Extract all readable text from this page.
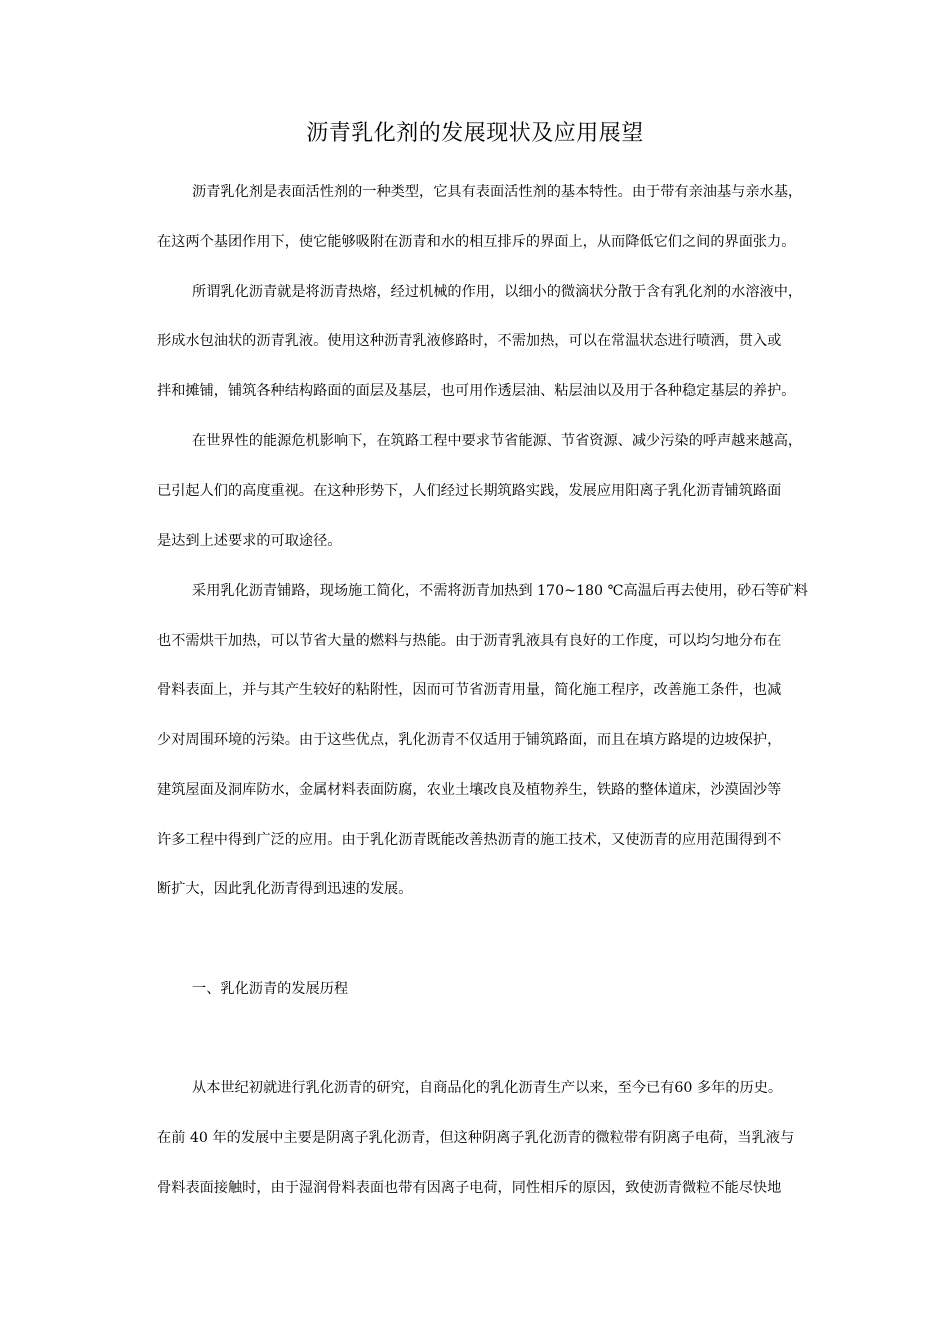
沥青乳化剂的发展现状及应用展望
沥青乳化剂是表面活性剂的一种类型，它具有表面活性剂的基本特性。由于带有亲油基与亲水基，
在这两个基团作用下，使它能够吸附在沥青和水的相互排斥的界面上，从而降低它们之间的界面张力。
所谓乳化沥青就是将沥青热熔，经过机械的作用，以细小的微滴状分散于含有乳化剂的水溶液中，
形成水包油状的沥青乳液。使用这种沥青乳液修路时，不需加热，可以在常温状态进行喷洒，贯入或
拌和摊铺，铺筑各种结构路面的面层及基层，也可用作透层油、粘层油以及用于各种稳定基层的养护。
在世界性的能源危机影响下，在筑路工程中要求节省能源、节省资源、减少污染的呼声越来越高，
已引起人们的高度重视。在这种形势下，人们经过长期筑路实践，发展应用阳离子乳化沥青铺筑路面
是达到上述要求的可取途径。
采用乳化沥青铺路，现场施工简化，不需将沥青加热到 170~180 ℃高温后再去使用，砂石等矿料
也不需烘干加热，可以节省大量的燃料与热能。由于沥青乳液具有良好的工作度，可以均匀地分布在
骨料表面上，并与其产生较好的粘附性，因而可节省沥青用量，简化施工程序，改善施工条件，也减
少对周围环境的污染。由于这些优点，乳化沥青不仅适用于铺筑路面，而且在填方路堤的边坡保护，
建筑屋面及洞库防水，金属材料表面防腐，农业土壤改良及植物养生，铁路的整体道床，沙漠固沙等
许多工程中得到广泛的应用。由于乳化沥青既能改善热沥青的施工技术，又使沥青的应用范围得到不
断扩大，因此乳化沥青得到迅速的发展。
一、乳化沥青的发展历程
从本世纪初就进行乳化沥青的研究，自商品化的乳化沥青生产以来，至今已有60 多年的历史。
在前 40 年的发展中主要是阴离子乳化沥青，但这种阴离子乳化沥青的微粒带有阴离子电荷，当乳液与
骨料表面接触时，由于湿润骨料表面也带有因离子电荷，同性相斥的原因，致使沥青微粒不能尽快地
